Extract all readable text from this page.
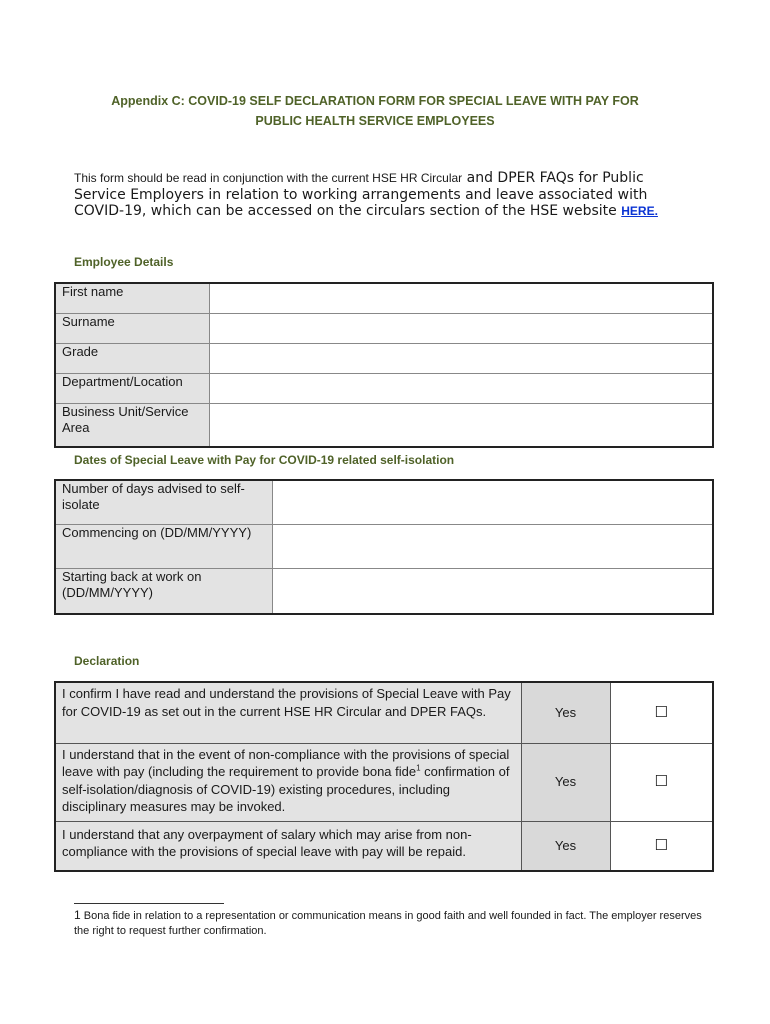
Appendix C: COVID-19 SELF DECLARATION FORM FOR SPECIAL LEAVE WITH PAY FOR
PUBLIC HEALTH SERVICE EMPLOYEES
This form should be read in conjunction with the current HSE HR Circular and DPER FAQs for Public Service Employers in relation to working arrangements and leave associated with COVID-19, which can be accessed on the circulars section of the HSE website HERE.
Employee Details
First name	
Surname	
Grade	
Department/Location	
Business Unit/Service Area	
Dates of Special Leave with Pay for COVID-19 related self-isolation
Number of days advised to self-isolate	
Commencing on (DD/MM/YYYY)	
Starting back at work on (DD/MM/YYYY)	
Declaration
I confirm I have read and understand the provisions of Special Leave with Pay for COVID-19 as set out in the current HSE HR Circular and DPER FAQs.	Yes	☐
I understand that in the event of non-compliance with the provisions of special leave with pay (including the requirement to provide bona fide$^1$ confirmation of self-isolation/diagnosis of COVID-19) existing procedures, including disciplinary measures may be invoked.	Yes	☐
I understand that any overpayment of salary which may arise from non-compliance with the provisions of special leave with pay will be repaid.	Yes	☐
1 Bona fide in relation to a representation or communication means in good faith and well founded in fact. The employer reserves the right to request further confirmation.
